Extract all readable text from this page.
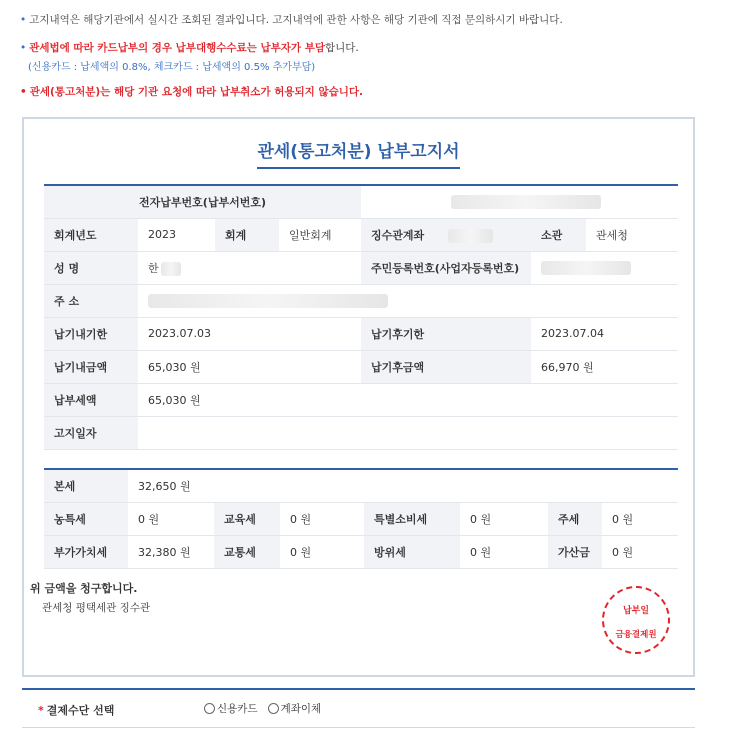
• 고지내역은 해당기관에서 실시간 조회된 결과입니다. 고지내역에 관한 사항은 해당 기관에 직접 문의하시기 바랍니다.
• 관세법에 따라 카드납부의 경우 납부대행수수료는 납부자가 부담합니다.
(신용카드 : 납세액의 0.8%, 체크카드 : 납세액의 0.5% 추가부담)
• 관세(통고처분)는 해당 기관 요청에 따라 납부취소가 허용되지 않습니다.
관세(통고처분) 납부고지서
전자납부번호(납부서번호)						
회계년도	2023	회계	일반회계	징수관계좌	소관	관세청
성 명	한			주민등록번호(사업자등록번호)		
주 소						
납기내기한	2023.07.03			납기후기한	2023.07.04	
납기내금액	65,030 원			납기후금액	66,970 원	
납부세액	65,030 원					
고지일자						
본세	32,650 원						
농특세	0 원	교육세	0 원	특별소비세	0 원	주세	0 원
부가가치세	32,380 원	교통세	0 원	방위세	0 원	가산금	0 원
위 금액을 청구합니다.
관세청 평택세관 징수관	납부일
금융결제원
* 결제수단 선택	신용카드 계좌이체
